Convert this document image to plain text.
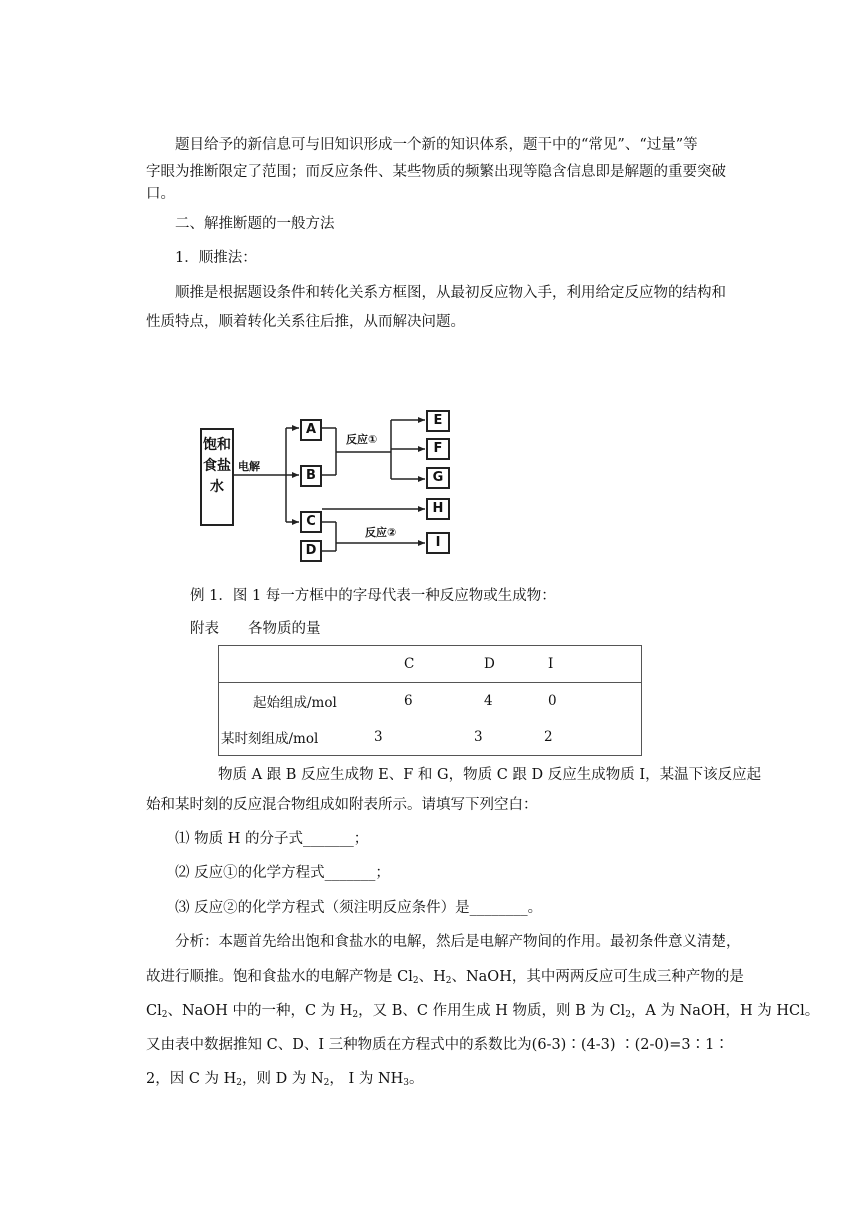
题目给予的新信息可与旧知识形成一个新的知识体系，题干中的“常见”、“过量”等

字眼为推断限定了范围；而反应条件、某些物质的频繁出现等隐含信息即是解题的重要突破

口。

二、解推断题的一般方法

1．顺推法：

顺推是根据题设条件和转化关系方框图，从最初反应物入手，利用给定反应物的结构和

性质特点，顺着转化关系往后推，从而解决问题。

饱和食盐水
电解
反应①
反应②
A
B
C
D
E
F
G
H
I

例 1．图 1 每一方框中的字母代表一种反应物或生成物：

附表　　各物质的量

	C	D	I
起始组成/mol	6	4	0
某时刻组成/mol	3	3	2

物质 A 跟 B 反应生成物 E、F 和 G，物质 C 跟 D 反应生成物质 I，某温下该反应起

始和某时刻的反应混合物组成如附表所示。请填写下列空白：

⑴ 物质 H 的分子式_______；

⑵ 反应①的化学方程式_______；

⑶ 反应②的化学方程式（须注明反应条件）是________。

分析：本题首先给出饱和食盐水的电解，然后是电解产物间的作用。最初条件意义清楚，

故进行顺推。饱和食盐水的电解产物是 $Cl_2$、$H_2$、NaOH，其中两两反应可生成三种产物的是

$Cl_2$、NaOH 中的一种，C 为 $H_2$，又 B、C 作用生成 H 物质，则 B 为 $Cl_2$，A 为 NaOH，H 为 HCl。

又由表中数据推知 C、D、I 三种物质在方程式中的系数比为(6-3)∶(4-3) ∶(2-0)=3∶1∶

2，因 C 为 $H_2$，则 D 为 $N_2$， I 为 $NH_3$。
